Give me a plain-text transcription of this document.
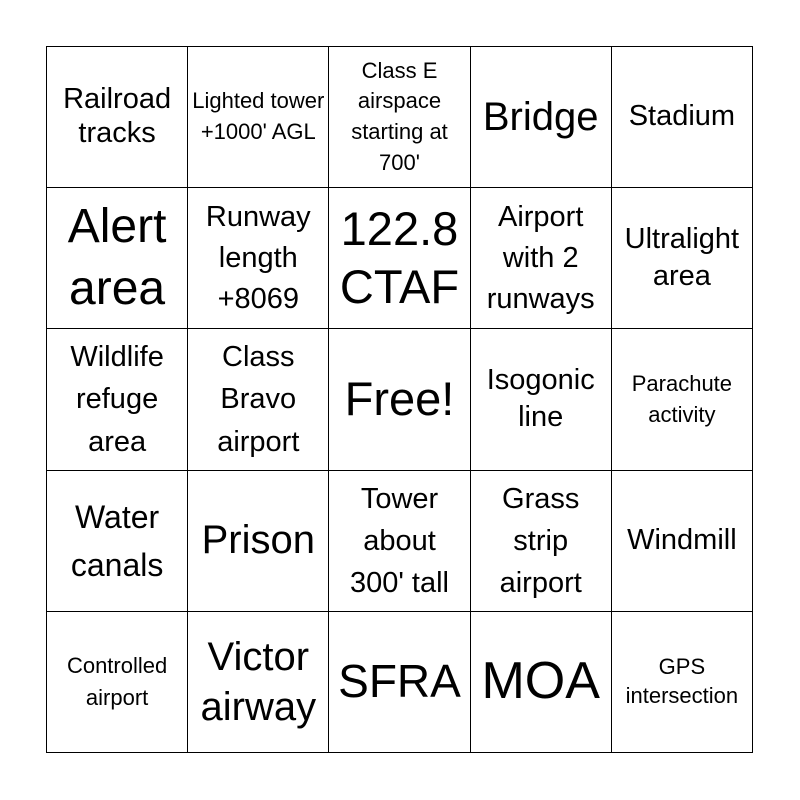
Railroad tracks
Lighted tower +1000' AGL
Class E airspace starting at 700'
Bridge Stadium
Alert area
Runway length +8069
122.8 CTAF
Airport with 2 runways
Ultralight area
Wildlife refuge area
Class Bravo airport
Free!	Isogonic line
Parachute activity
Water canals
Prison
Tower about 300' tall
Grass strip airport
Windmill
Controlled airport
Victor airway SFRA MOA	GPS intersection
